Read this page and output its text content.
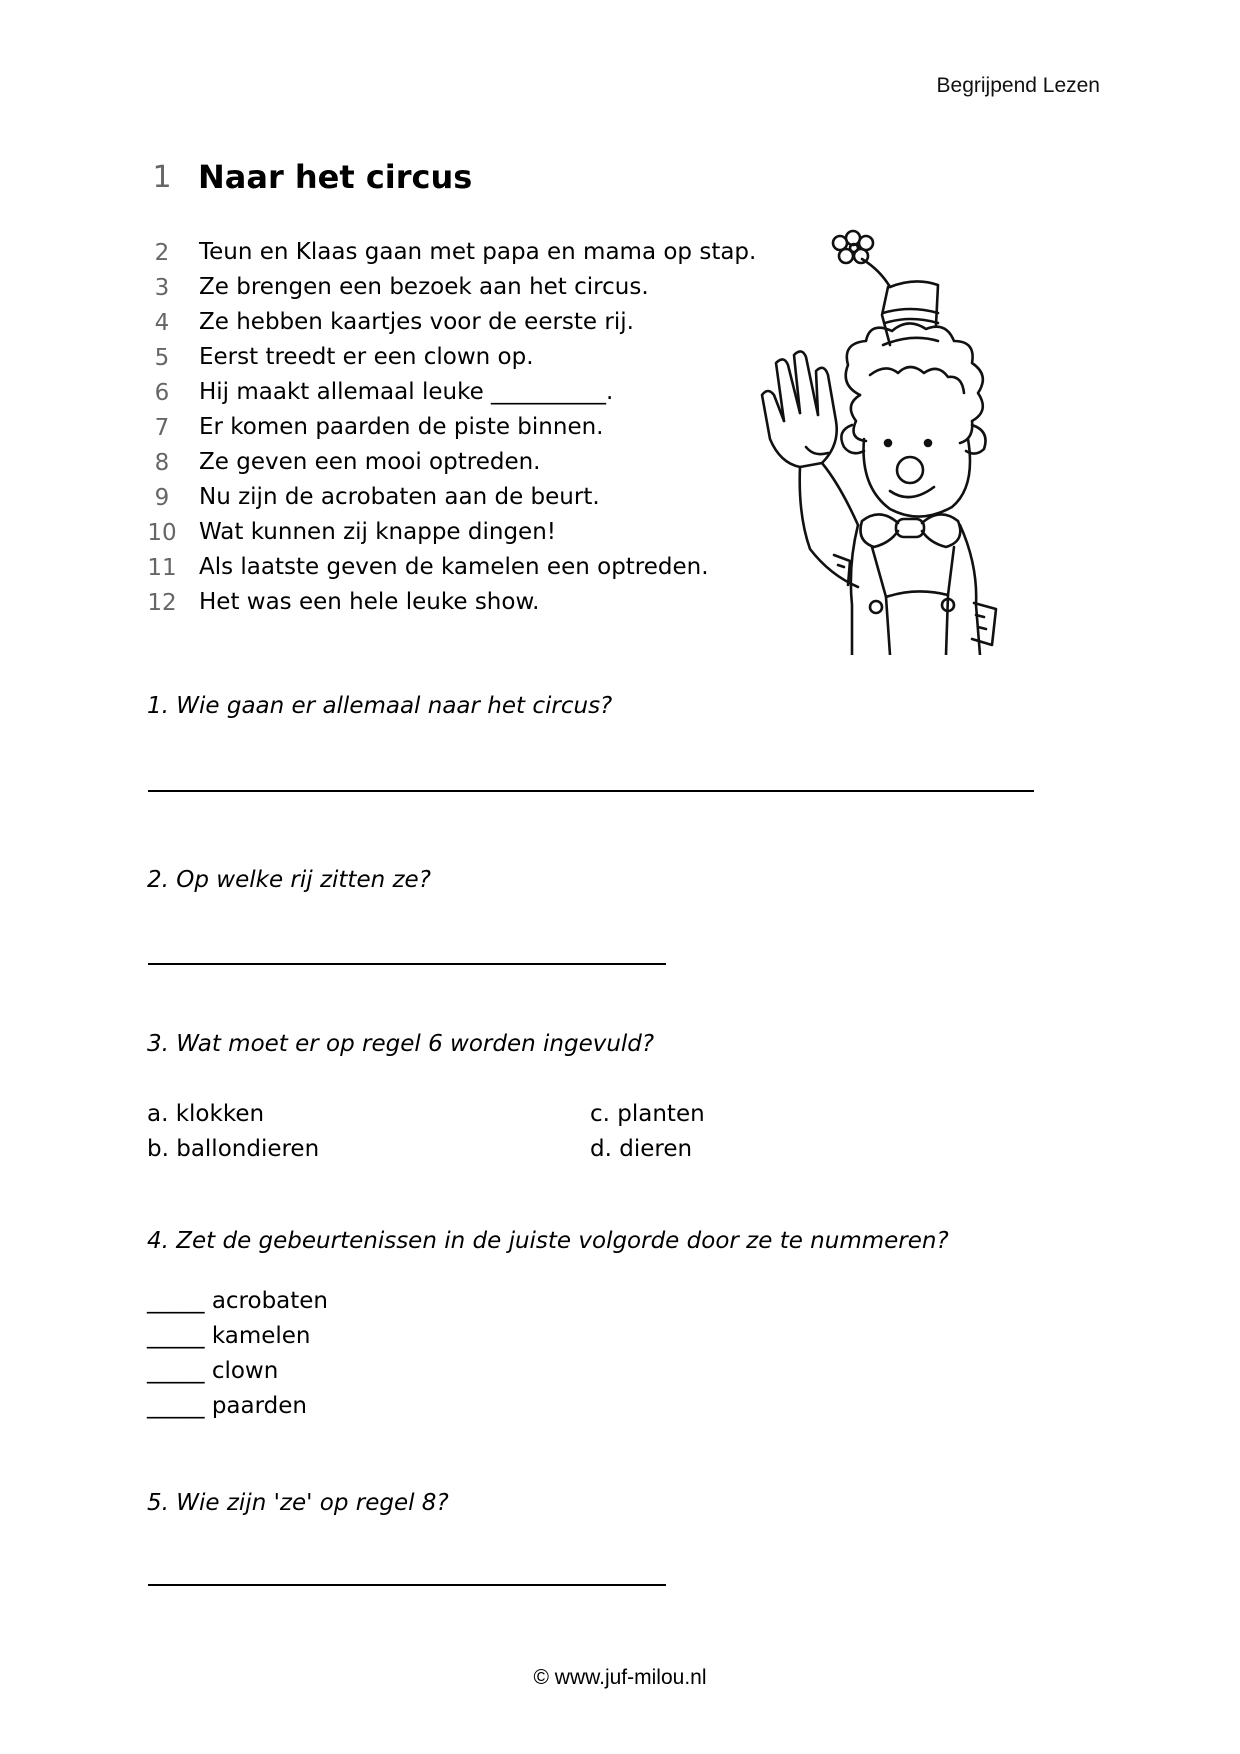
Begrijpend Lezen
1 Naar het circus
2	Teun en Klaas gaan met papa en mama op stap.
3	Ze brengen een bezoek aan het circus.
4	Ze hebben kaartjes voor de eerste rij.
5	Eerst treedt er een clown op.
6	Hij maakt allemaal leuke __________.
7	Er komen paarden de piste binnen.
8	Ze geven een mooi optreden.
9	Nu zijn de acrobaten aan de beurt.
10 Wat kunnen zij knappe dingen!
11 Als laatste geven de kamelen een optreden.
12 Het was een hele leuke show.
1. Wie gaan er allemaal naar het circus?
2. Op welke rij zitten ze?
3. Wat moet er op regel 6 worden ingevuld?
a. klokken
b. ballondieren
c. planten
d. dieren
4. Zet de gebeurtenissen in de juiste volgorde door ze te nummeren?
_____ acrobaten
_____ kamelen
_____ clown
_____ paarden
5. Wie zijn 'ze' op regel 8?
© www.juf-milou.nl
